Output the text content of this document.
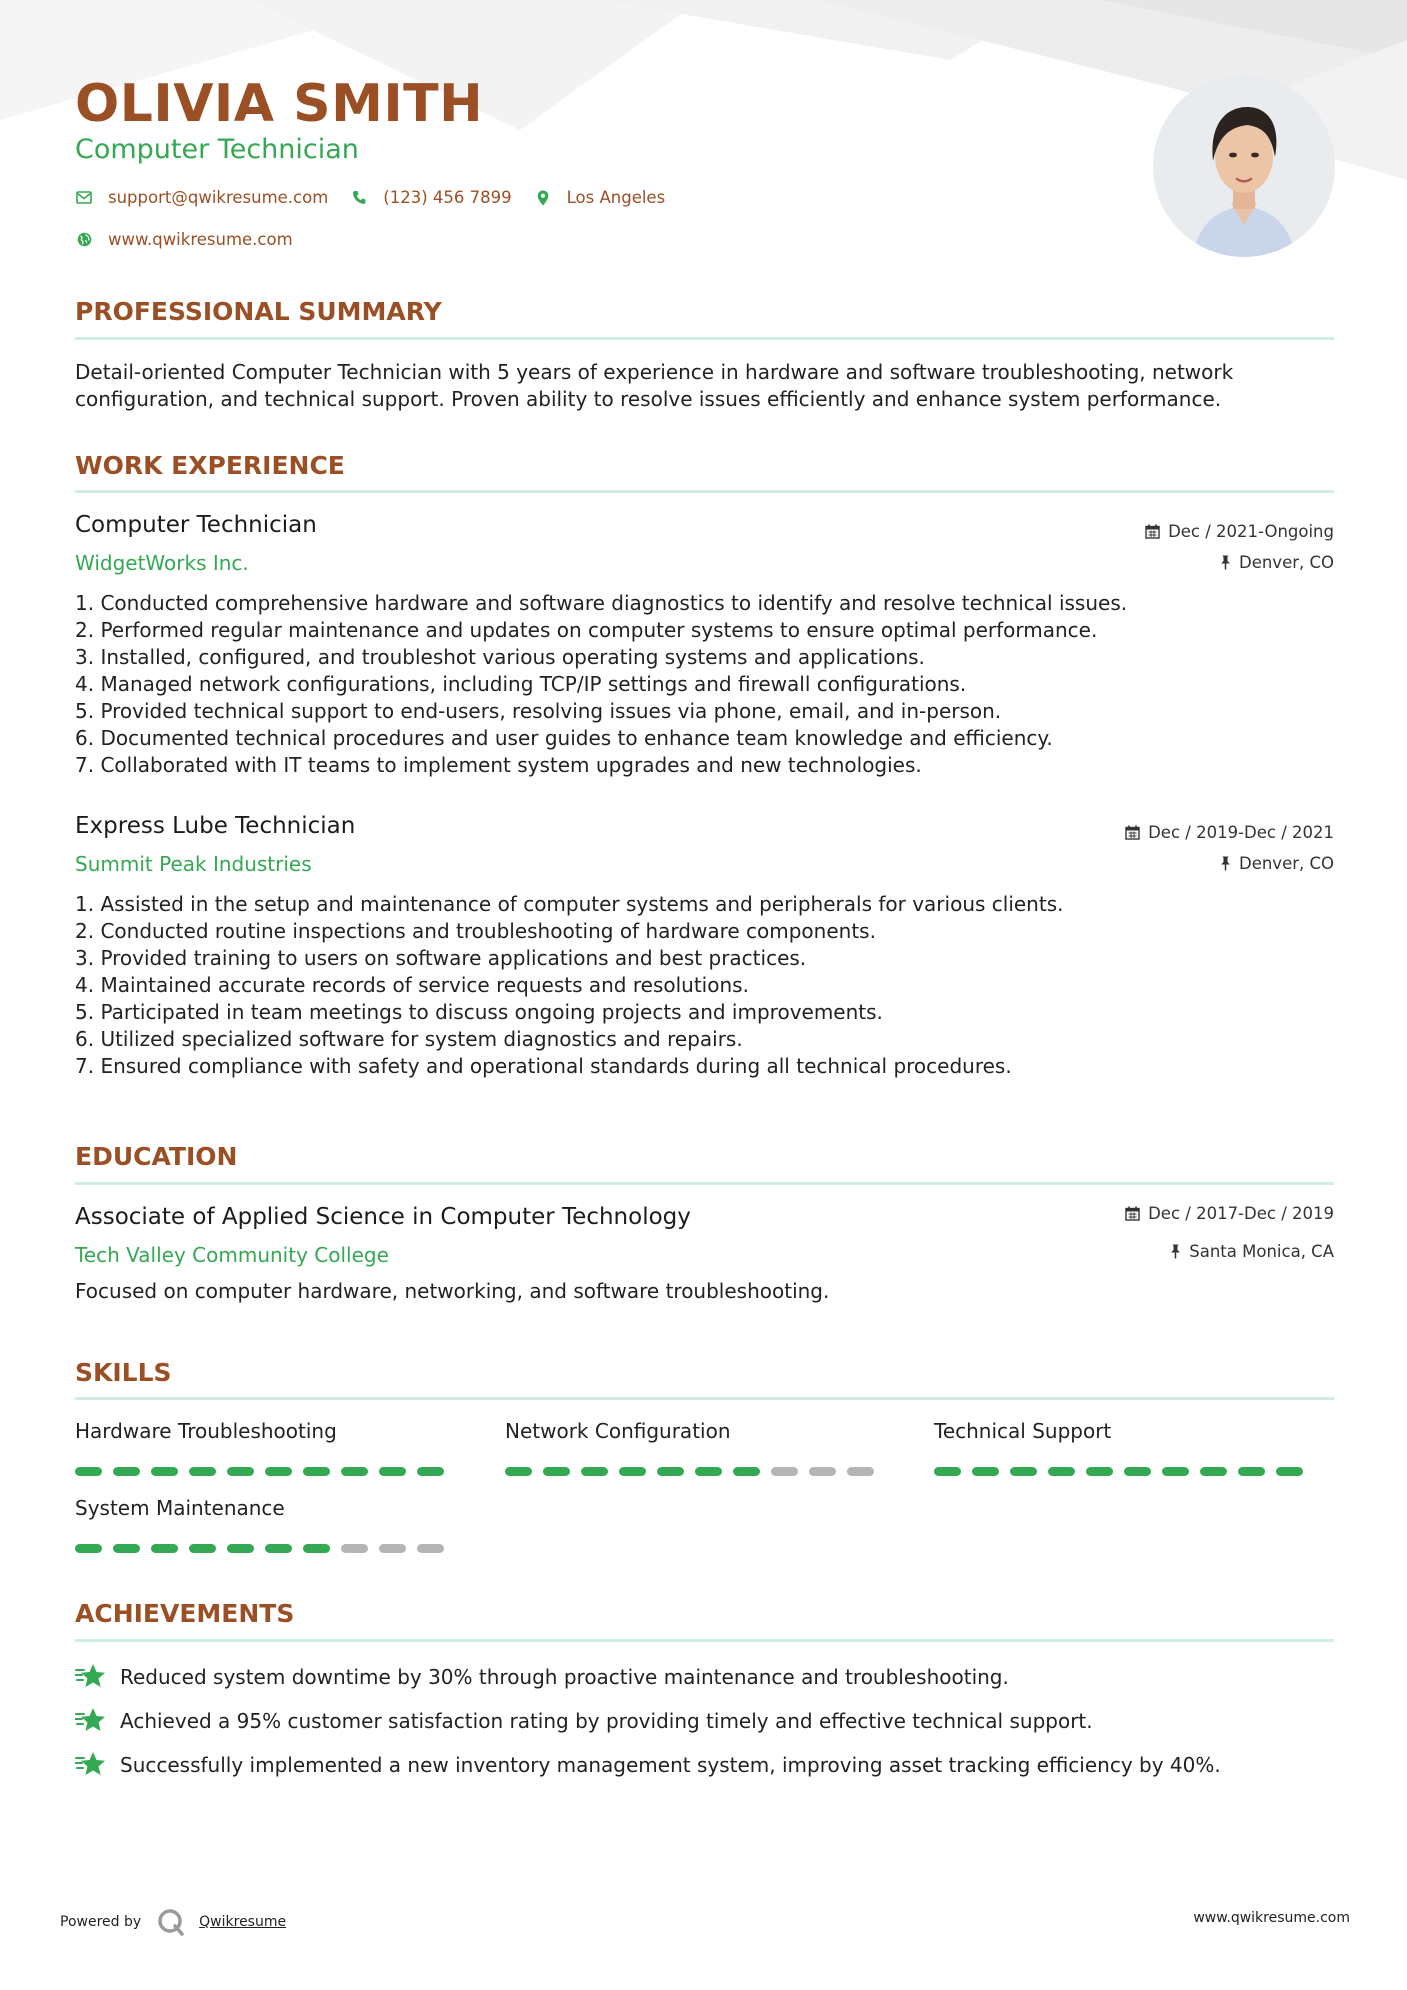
OLIVIA SMITH
Computer Technician
support@qwikresume.com	(123) 456 7899	Los Angeles
www.qwikresume.com
PROFESSIONAL SUMMARY

Detail-oriented Computer Technician with 5 years of experience in hardware and software troubleshooting, network configuration, and technical support. Proven ability to resolve issues efficiently and enhance system performance.

WORK EXPERIENCE
Computer Technician
WidgetWorks Inc.
Dec / 2021-Ongoing
Denver, CO
1. Conducted comprehensive hardware and software diagnostics to identify and resolve technical issues.
2. Performed regular maintenance and updates on computer systems to ensure optimal performance.
3. Installed, configured, and troubleshot various operating systems and applications.
4. Managed network configurations, including TCP/IP settings and firewall configurations.
5. Provided technical support to end-users, resolving issues via phone, email, and in-person.
6. Documented technical procedures and user guides to enhance team knowledge and efficiency.
7. Collaborated with IT teams to implement system upgrades and new technologies.
Express Lube Technician
Summit Peak Industries
Dec / 2019-Dec / 2021
Denver, CO
1. Assisted in the setup and maintenance of computer systems and peripherals for various clients.
2. Conducted routine inspections and troubleshooting of hardware components.
3. Provided training to users on software applications and best practices.
4. Maintained accurate records of service requests and resolutions.
5. Participated in team meetings to discuss ongoing projects and improvements.
6. Utilized specialized software for system diagnostics and repairs.
7. Ensured compliance with safety and operational standards during all technical procedures.
EDUCATION
Associate of Applied Science in Computer Technology
Tech Valley Community College
Dec / 2017-Dec / 2019
Santa Monica, CA

Focused on computer hardware, networking, and software troubleshooting.

SKILLS

Hardware Troubleshooting	Network Configuration	Technical Support

System Maintenance

ACHIEVEMENTS
Reduced system downtime by 30% through proactive maintenance and troubleshooting.
Achieved a 95% customer satisfaction rating by providing timely and effective technical support.
Successfully implemented a new inventory management system, improving asset tracking efficiency by 40%.
Powered by	Qwikresume	www.qwikresume.com
